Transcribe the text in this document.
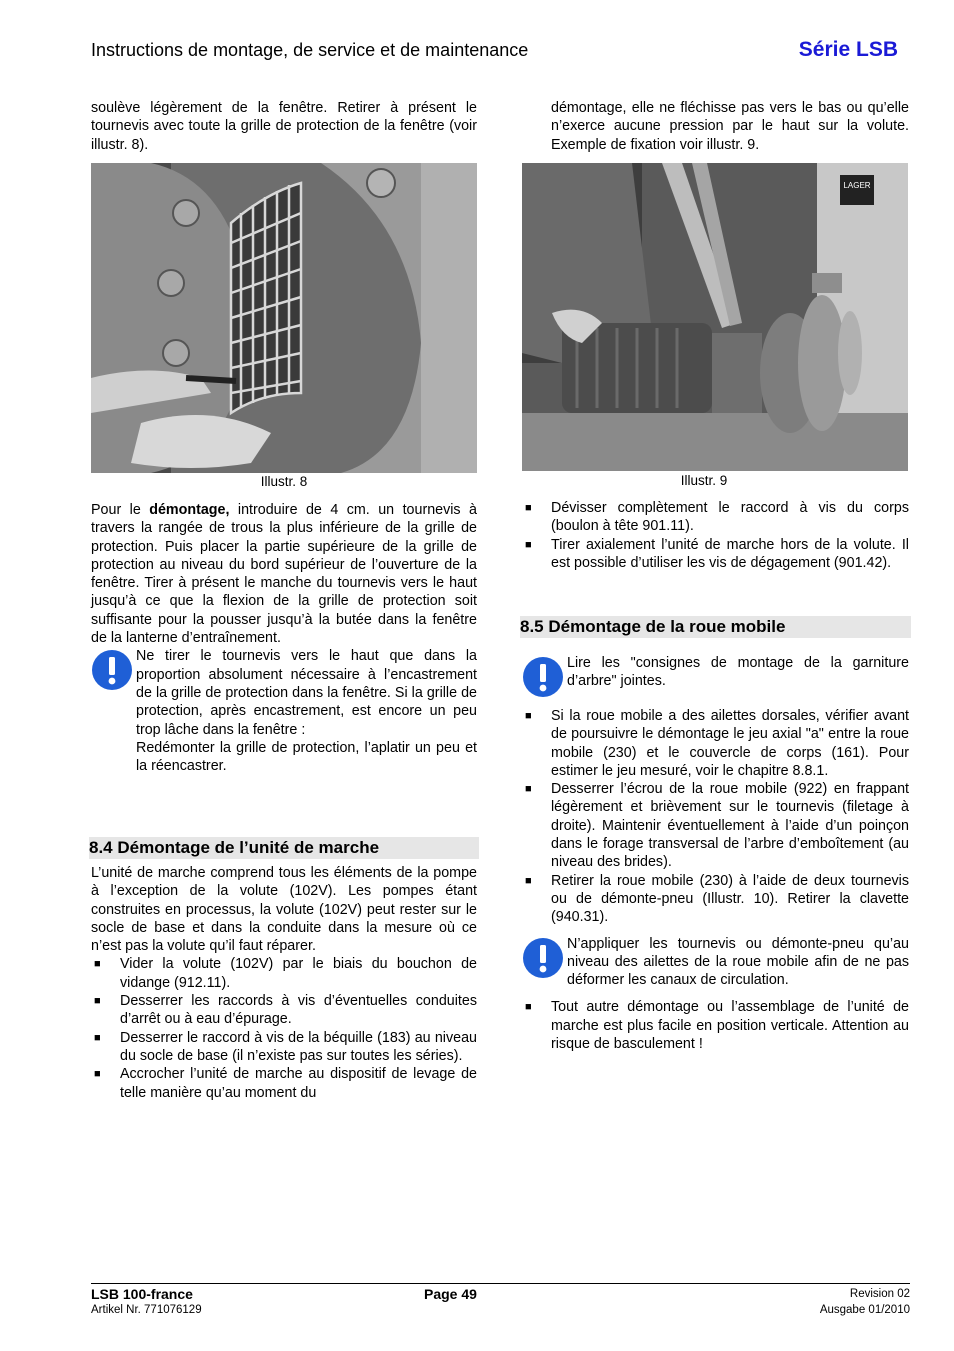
Instructions de montage, de service et de maintenance	Série LSB

soulève légèrement de la fenêtre. Retirer à présent le tournevis avec toute la grille de protection de la fenêtre (voir illustr. 8).

Illustr. 8

Pour le démontage, introduire de 4 cm. un tournevis à travers la rangée de trous la plus inférieure de la grille de protection. Puis placer la partie supérieure de la grille de protection au niveau du bord supérieur de l’ouverture de la fenêtre. Tirer à présent le manche du tournevis vers le haut jusqu’à ce que la flexion de la grille de protection soit suffisante pour la pousser jusqu’à la butée dans la fenêtre de la lanterne d’entraînement.

Ne tirer le tournevis vers le haut que dans la proportion absolument nécessaire à l’encastrement de la grille de protection dans la fenêtre. Si la grille de protection, après encastrement, est encore un peu trop lâche dans la fenêtre :

Redémonter la grille de protection, l’aplatir un peu et la réencastrer.

8.4 Démontage de l’unité de marche

L’unité de marche comprend tous les éléments de la pompe à l’exception de la volute (102V). Les pompes étant construites en processus, la volute (102V) peut rester sur le socle de base et dans la conduite dans la mesure où ce n’est pas la volute qu’il faut réparer.

■ Vider la volute (102V) par le biais du bouchon de vidange (912.11).
■ Desserrer les raccords à vis d’éventuelles conduites d’arrêt ou à eau d’épurage.
■ Desserrer le raccord à vis de la béquille (183) au niveau du socle de base (il n’existe pas sur toutes les séries).
■ Accrocher l’unité de marche au dispositif de levage de telle manière qu’au moment du

démontage, elle ne fléchisse pas vers le bas ou qu’elle n’exerce aucune pression par le haut sur la volute. Exemple de fixation voir illustr. 9.

LAGER
Illustr. 9
■ Dévisser complètement le raccord à vis du corps (boulon à tête 901.11).
■ Tirer axialement l’unité de marche hors de la volute. Il est possible d’utiliser les vis de dégagement (901.42).
8.5 Démontage de la roue mobile

Lire les "consignes de montage de la garniture d’arbre" jointes.

■ Si la roue mobile a des ailettes dorsales, vérifier avant de poursuivre le démontage le jeu axial "a" entre la roue mobile (230) et le couvercle de corps (161). Pour estimer le jeu mesuré, voir le chapitre 8.8.1.
■ Desserrer l’écrou de la roue mobile (922) en frappant légèrement et brièvement sur le tournevis (filetage à droite). Maintenir éventuellement à l’aide d’un poinçon dans le forage transversal de l’arbre d’emboîtement (au niveau des brides).
■ Retirer la roue mobile (230) à l’aide de deux tournevis ou de démonte-pneu (Illustr. 10). Retirer la clavette (940.31).

N’appliquer les tournevis ou démonte-pneu qu’au niveau des ailettes de la roue mobile afin de ne pas déformer les canaux de circulation.

■ Tout autre démontage ou l’assemblage de l’unité de marche est plus facile en position verticale. Attention au risque de basculement !
LSB 100-france
Artikel Nr. 771076129
Page 49	Revision 02
Ausgabe 01/2010
